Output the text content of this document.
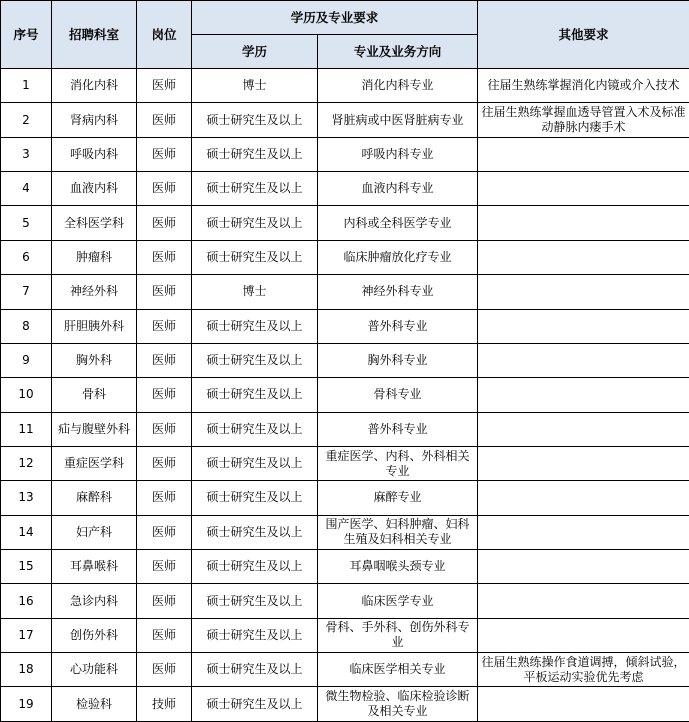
序号	招聘科室	岗位	学历及专业要求		其他要求
			学历	专业及业务方向	
1	消化内科	医师	博士	消化内科专业	往届生熟练掌握消化内镜或介入技术
2	肾病内科	医师	硕士研究生及以上	肾脏病或中医肾脏病专业	往届生熟练掌握血透导管置入术及标准动静脉内瘘手术
3	呼吸内科	医师	硕士研究生及以上	呼吸内科专业	
4	血液内科	医师	硕士研究生及以上	血液内科专业	
5	全科医学科	医师	硕士研究生及以上	内科或全科医学专业	
6	肿瘤科	医师	硕士研究生及以上	临床肿瘤放化疗专业	
7	神经外科	医师	博士	神经外科专业	
8	肝胆胰外科	医师	硕士研究生及以上	普外科专业	
9	胸外科	医师	硕士研究生及以上	胸外科专业	
10	骨科	医师	硕士研究生及以上	骨科专业	
11	疝与腹壁外科	医师	硕士研究生及以上	普外科专业	
12	重症医学科	医师	硕士研究生及以上	重症医学、内科、外科相关专业	
13	麻醉科	医师	硕士研究生及以上	麻醉专业	
14	妇产科	医师	硕士研究生及以上	围产医学、妇科肿瘤、妇科生殖及妇科相关专业	
15	耳鼻喉科	医师	硕士研究生及以上	耳鼻咽喉头颈专业	
16	急诊内科	医师	硕士研究生及以上	临床医学专业	
17	创伤外科	医师	硕士研究生及以上	骨科、手外科、创伤外科专业	
18	心功能科	医师	硕士研究生及以上	临床医学相关专业	往届生熟练操作食道调搏，倾斜试验，平板运动实验优先考虑
19	检验科	技师	硕士研究生及以上	微生物检验、临床检验诊断及相关专业	
